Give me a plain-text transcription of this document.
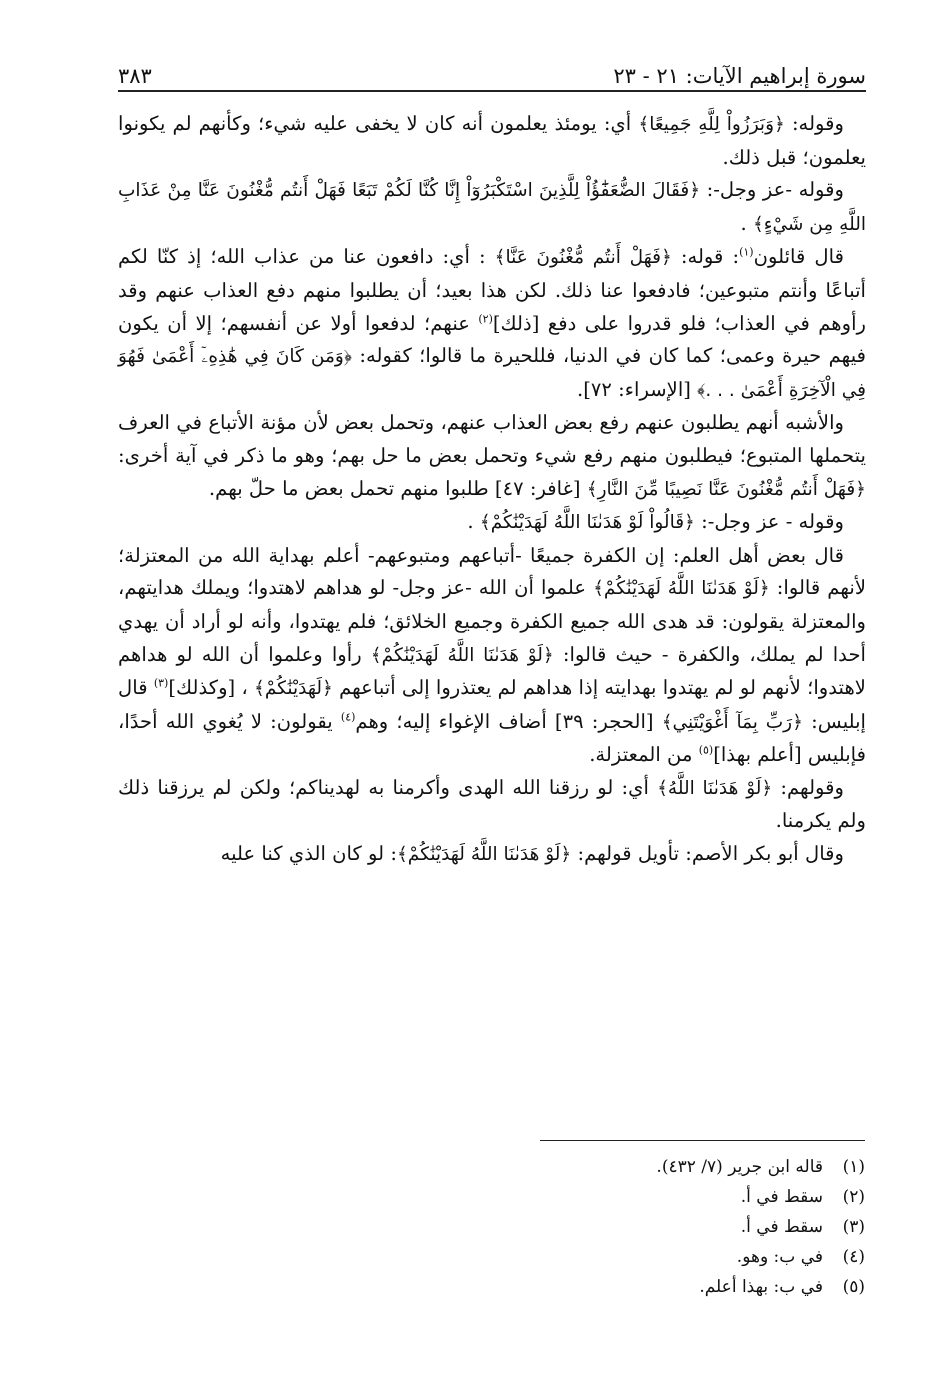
سورة إبراهيم الآيات: ٢١ - ٢٣
٣٨٣

وقوله: ﴿وَبَرَزُواْ لِلَّهِ جَمِيعًا﴾ أي: يومئذ يعلمون أنه كان لا يخفى عليه شيء؛ وكأنهم لم يكونوا يعلمون؛ قبل ذلك.

وقوله -عز وجل-: ﴿فَقَالَ الضُّعَفَٰٓؤُاْ لِلَّذِينَ اسْتَكْبَرُوٓاْ إِنَّا كُنَّا لَكُمْ تَبَعًا فَهَلْ أَنتُم مُّغْنُونَ عَنَّا مِنْ عَذَابِ اللَّهِ مِن شَيْءٍ﴾ .

قال قائلون$^{(١)}$: قوله: ﴿فَهَلْ أَنتُم مُّغْنُونَ عَنَّا﴾ : أي: دافعون عنا من عذاب الله؛ إذ كنّا لكم أتباعًا وأنتم متبوعين؛ فادفعوا عنا ذلك. لكن هذا بعيد؛ أن يطلبوا منهم دفع العذاب عنهم وقد رأوهم في العذاب؛ فلو قدروا على دفع [ذلك]$^{(٢)}$ عنهم؛ لدفعوا أولا عن أنفسهم؛ إلا أن يكون فيهم حيرة وعمى؛ كما كان في الدنيا، فللحيرة ما قالوا؛ كقوله: ﴿وَمَن كَانَ فِي هَٰذِهِۦٓ أَعْمَىٰ فَهُوَ فِي الْآخِرَةِ أَعْمَىٰ . . .﴾ [الإسراء: ٧٢].

والأشبه أنهم يطلبون عنهم رفع بعض العذاب عنهم، وتحمل بعض لأن مؤنة الأتباع في العرف يتحملها المتبوع؛ فيطلبون منهم رفع شيء وتحمل بعض ما حل بهم؛ وهو ما ذكر في آية أخرى: ﴿فَهَلْ أَنتُم مُّغْنُونَ عَنَّا نَصِيبًا مِّنَ النَّارِ﴾ [غافر: ٤٧] طلبوا منهم تحمل بعض ما حلّ بهم.

وقوله - عز وجل-: ﴿قَالُواْ لَوْ هَدَىٰنَا اللَّهُ لَهَدَيْنَٰكُمْ﴾ .

قال بعض أهل العلم: إن الكفرة جميعًا -أتباعهم ومتبوعهم- أعلم بهداية الله من المعتزلة؛ لأنهم قالوا: ﴿لَوْ هَدَىٰنَا اللَّهُ لَهَدَيْنَٰكُمْ﴾ علموا أن الله -عز وجل- لو هداهم لاهتدوا؛ ويملك هدايتهم، والمعتزلة يقولون: قد هدى الله جميع الكفرة وجميع الخلائق؛ فلم يهتدوا، وأنه لو أراد أن يهدي أحدا لم يملك، والكفرة - حيث قالوا: ﴿لَوْ هَدَىٰنَا اللَّهُ لَهَدَيْنَٰكُمْ﴾ رأوا وعلموا أن الله لو هداهم لاهتدوا؛ لأنهم لو لم يهتدوا بهدايته إذا هداهم لم يعتذروا إلى أتباعهم ﴿لَهَدَيْنَٰكُمْ﴾ ، [وكذلك]$^{(٣)}$ قال إبليس: ﴿رَبِّ بِمَآ أَغْوَيْتَنِي﴾ [الحجر: ٣٩] أضاف الإغواء إليه؛ وهم$^{(٤)}$ يقولون: لا يُغوي الله أحدًا، فإبليس [أعلم بهذا]$^{(٥)}$ من المعتزلة.

وقولهم: ﴿لَوْ هَدَىٰنَا اللَّهُ﴾ أي: لو رزقنا الله الهدى وأكرمنا به لهديناكم؛ ولكن لم يرزقنا ذلك ولم يكرمنا.

وقال أبو بكر الأصم: تأويل قولهم: ﴿لَوْ هَدَىٰنَا اللَّهُ لَهَدَيْنَٰكُمْ﴾: لو كان الذي كنا عليه

(١)
قاله ابن جرير (٧/ ٤٣٢).
(٢)
سقط في أ.
(٣)
سقط في أ.
(٤)
في ب: وهو.
(٥)
في ب: بهذا أعلم.
